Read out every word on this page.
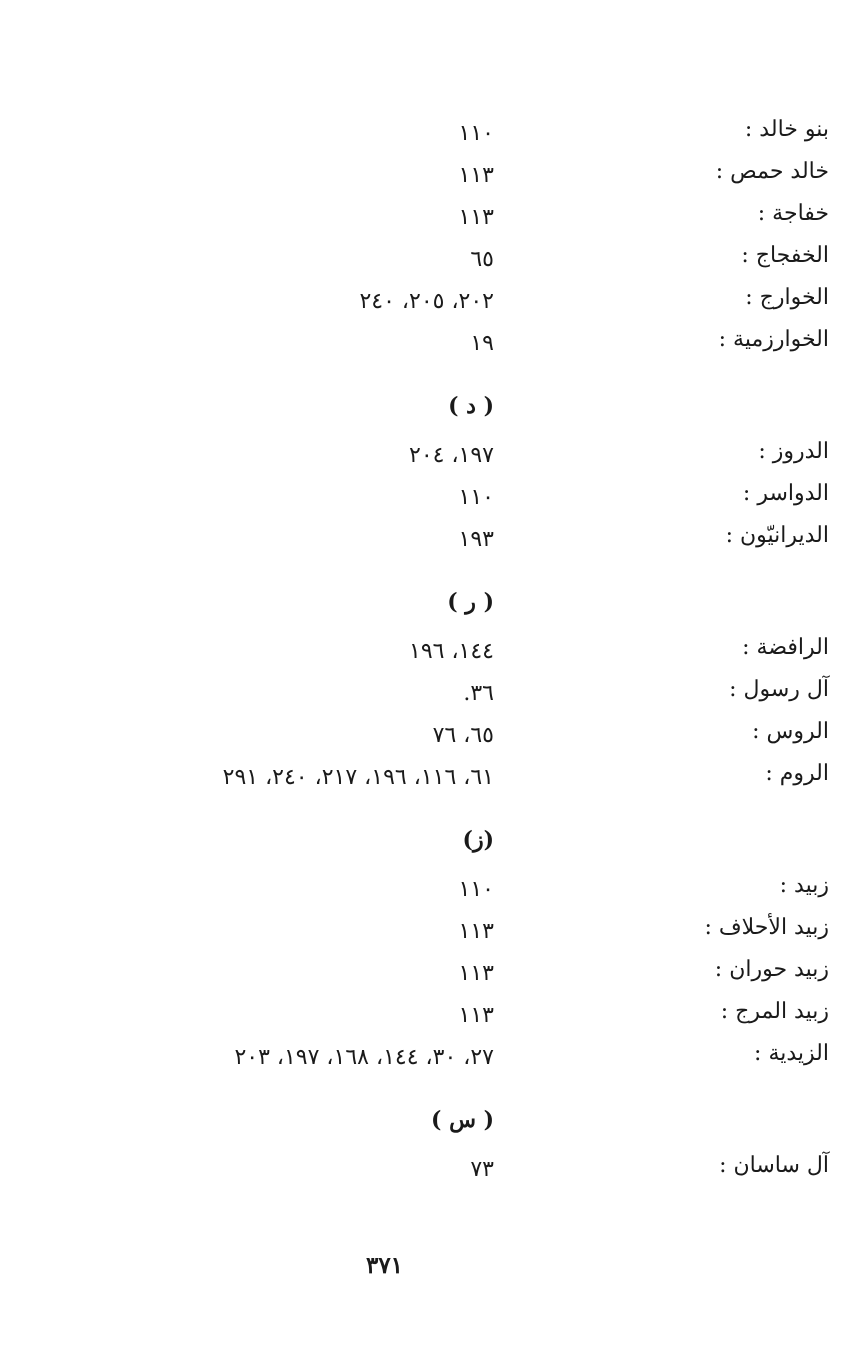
بنو خالد :
١١٠
خالد حمص :
١١٣
خفاجة :
١١٣
الخفجاج :
٦٥
الخوارج :
٢٠٢، ٢٠٥، ٢٤٠
الخوارزمية :
١٩
( د )
الدروز :
١٩٧، ٢٠٤
الدواسر :
١١٠
الديرانيّون :
١٩٣
( ر )
الرافضة :
١٤٤، ١٩٦
آل رسول :
٣٦.
الروس :
٦٥، ٧٦
الروم :
٦١، ١١٦، ١٩٦، ٢١٧، ٢٤٠، ٢٩١
(ز)
زبيد :
١١٠
زبيد الأحلاف :
١١٣
زبيد حوران :
١١٣
زبيد المرج :
١١٣
الزيدية :
٢٧، ٣٠، ١٤٤، ١٦٨، ١٩٧، ٢٠٣
( س )
آل ساسان :
٧٣
٣٧١
